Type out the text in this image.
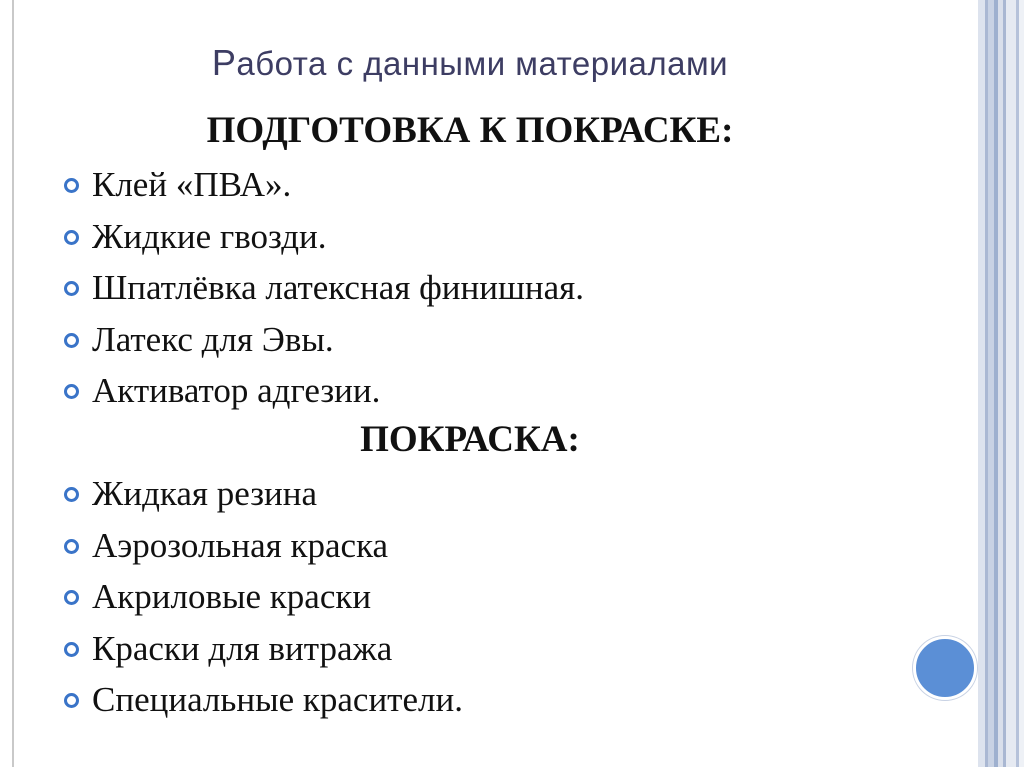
Работа с данными материалами
ПОДГОТОВКА К ПОКРАСКЕ:
Клей «ПВА».
Жидкие гвозди.
Шпатлёвка латексная финишная.
Латекс для Эвы.
Активатор адгезии.
ПОКРАСКА:
Жидкая резина
Аэрозольная краска
Акриловые краски
Краски для витража
Специальные красители.
